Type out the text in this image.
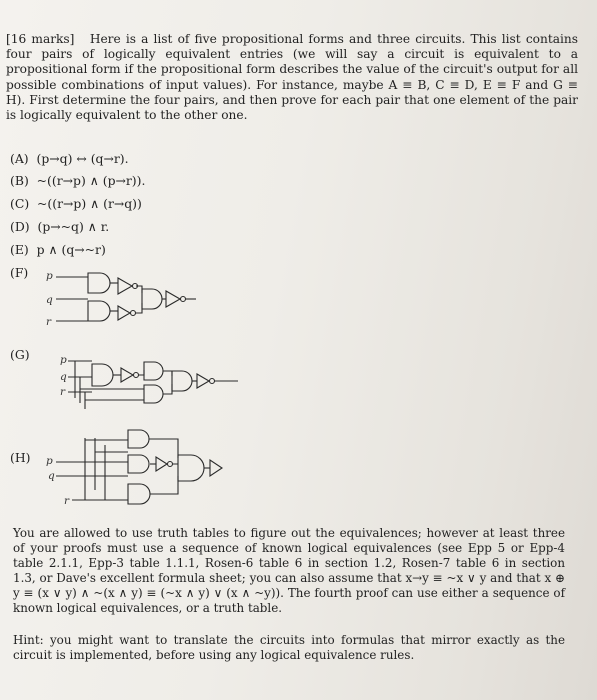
[16 marks] Here is a list of five propositional forms and three circuits. This list contains four pairs of logically equivalent entries (we will say a circuit is equivalent to a propositional form if the propositional form describes the value of the circuit's output for all possible combinations of input values). For instance, maybe A ≡ B, C ≡ D, E ≡ F and G ≡ H). First determine the four pairs, and then prove for each pair that one element of the pair is logically equivalent to the other one.

(A) (p→q) ↔ (q→r).
(B) ~((r→p) ∧ (p→r)).
(C) ~((r→p) ∧ (r→q))
(D) (p→~q) ∧ r.
(E) p ∧ (q→~r)
(F) p
q
r
(G)	p
q
r
(H) p
q
r

You are allowed to use truth tables to figure out the equivalences; however at least three of your proofs must use a sequence of known logical equivalences (see Epp 5 or Epp-4 table 2.1.1, Epp-3 table 1.1.1, Rosen-6 table 6 in section 1.2, Rosen-7 table 6 in section 1.3, or Dave's excellent formula sheet; you can also assume that x→y ≡ ~x ∨ y and that x ⊕ y ≡ (x ∨ y) ∧ ~(x ∧ y) ≡ (~x ∧ y) ∨ (x ∧ ~y)). The fourth proof can use either a sequence of known logical equivalences, or a truth table.

Hint: you might want to translate the circuits into formulas that mirror exactly as the circuit is implemented, before using any logical equivalence rules.
